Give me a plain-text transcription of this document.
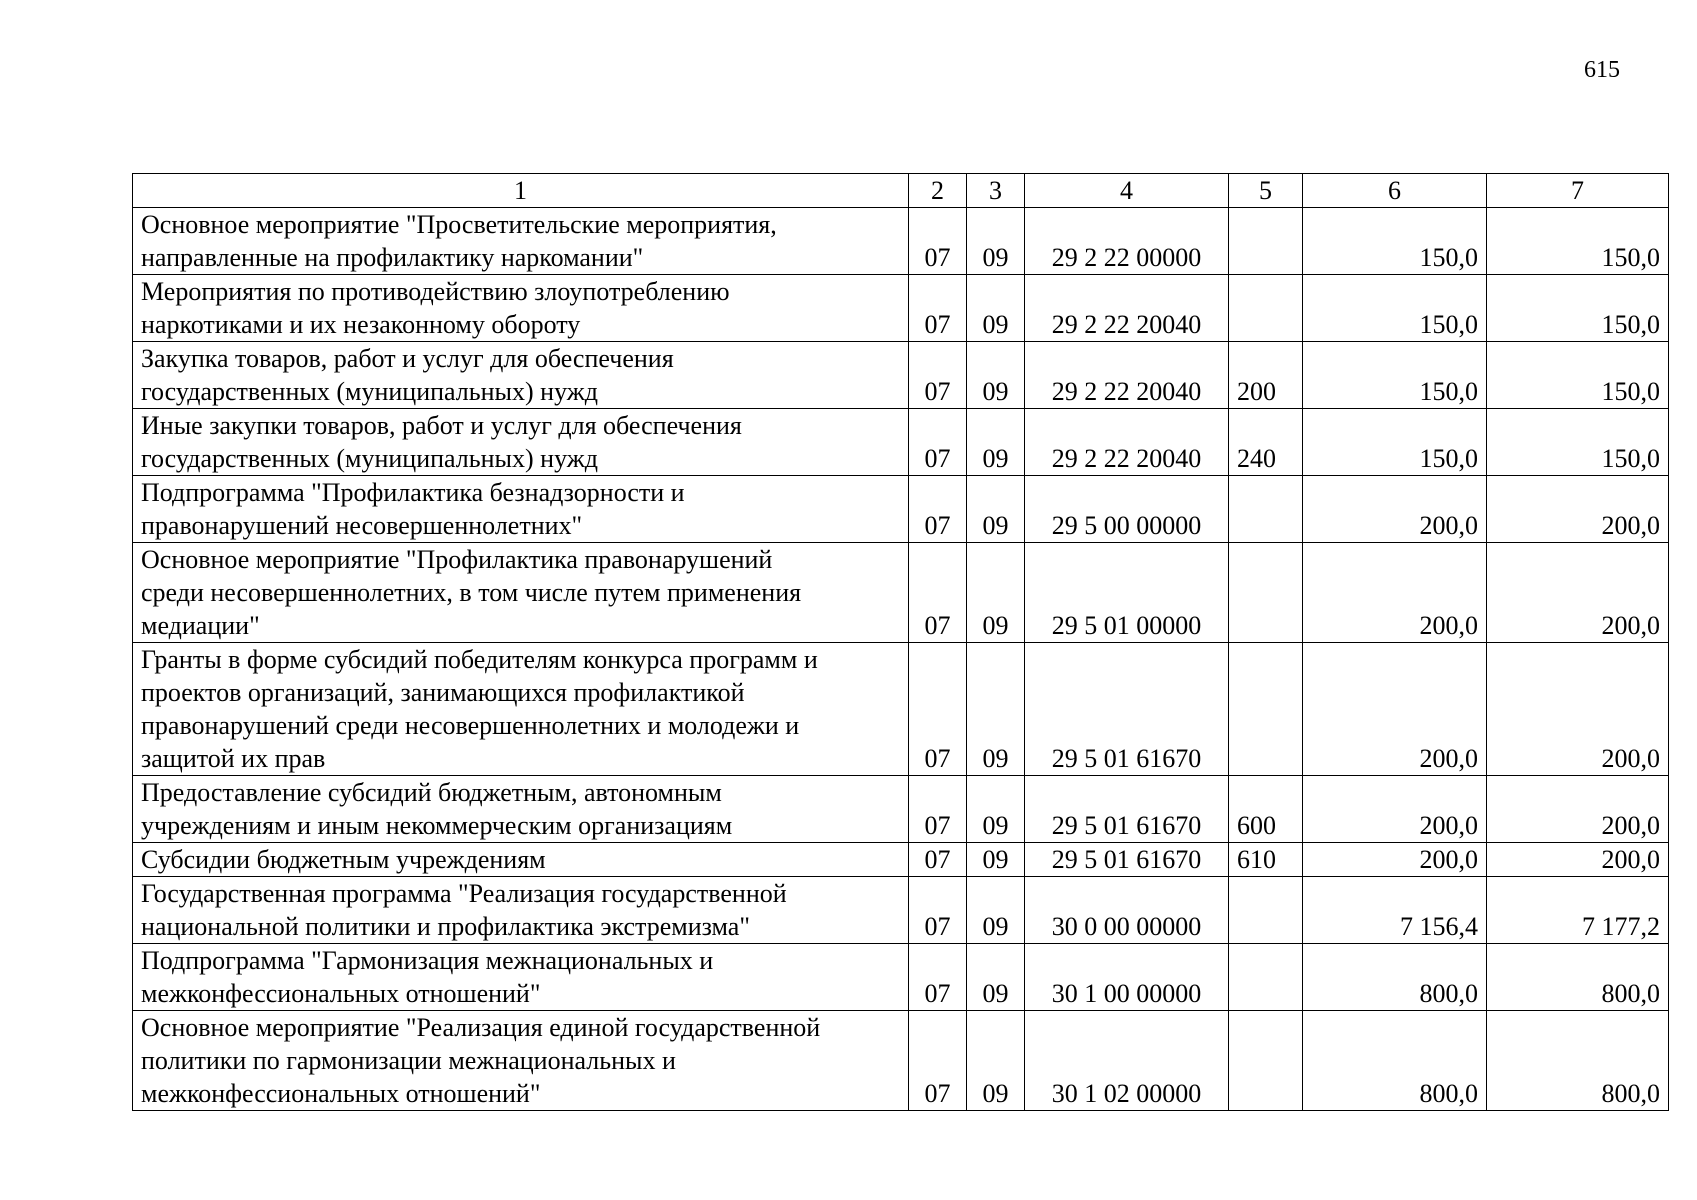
615
1	2	3	4	5	6	7

Основное мероприятие "Просветительские мероприятия,
направленные на профилактику наркомании"	07	09	29 2 22 00000		150,0	150,0

Мероприятия по противодействию злоупотреблению
наркотиками и их незаконному обороту	07	09	29 2 22 20040		150,0	150,0

Закупка товаров, работ и услуг для обеспечения
государственных (муниципальных) нужд	07	09	29 2 22 20040	200	150,0	150,0

Иные закупки товаров, работ и услуг для обеспечения
государственных (муниципальных) нужд	07	09	29 2 22 20040	240	150,0	150,0

Подпрограмма "Профилактика безнадзорности и
правонарушений несовершеннолетних"	07	09	29 5 00 00000		200,0	200,0

Основное мероприятие "Профилактика правонарушений
среди несовершеннолетних, в том числе путем применения
медиации"	07	09	29 5 01 00000		200,0	200,0

Гранты в форме субсидий победителям конкурса программ и
проектов организаций, занимающихся профилактикой
правонарушений среди несовершеннолетних и молодежи и
защитой их прав	07	09	29 5 01 61670		200,0	200,0

Предоставление субсидий бюджетным, автономным
учреждениям и иным некоммерческим организациям	07	09	29 5 01 61670	600	200,0	200,0

Субсидии бюджетным учреждениям	07	09	29 5 01 61670	610	200,0	200,0

Государственная программа "Реализация государственной
национальной политики и профилактика экстремизма"	07	09	30 0 00 00000		7 156,4	7 177,2

Подпрограмма "Гармонизация межнациональных и
межконфессиональных отношений"	07	09	30 1 00 00000		800,0	800,0

Основное мероприятие "Реализация единой государственной
политики по гармонизации межнациональных и
межконфессиональных отношений"	07	09	30 1 02 00000		800,0	800,0
